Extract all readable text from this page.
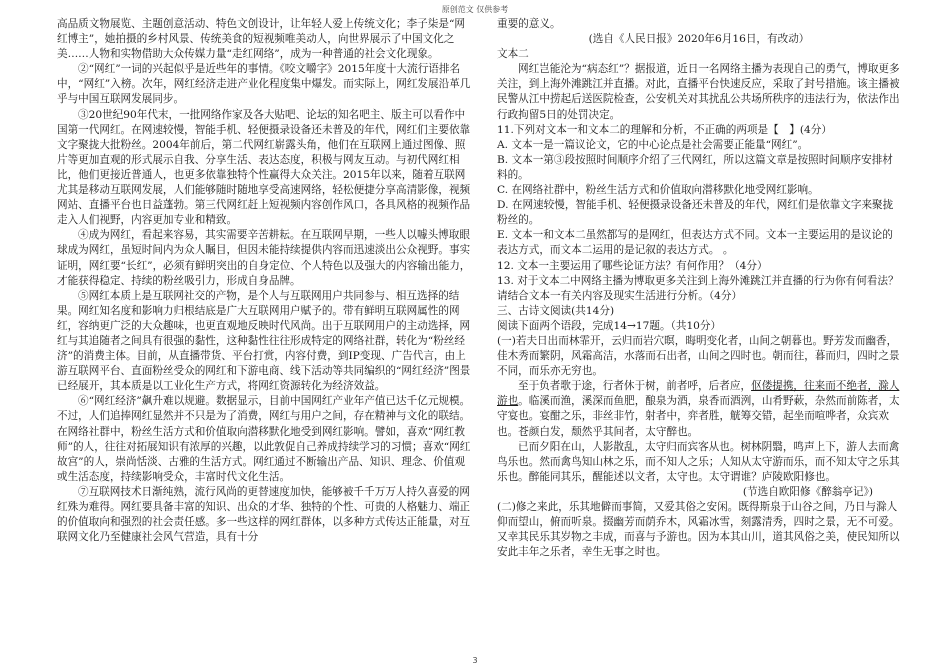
原创范文 仅供参考

高品质文物展览、主题创意活动、特色文创设计，让年轻人爱上传统文化；李子柒是“网红博主”，她拍摄的乡村风景、传统美食的短视频唯美动人，向世界展示了中国文化之美……人物和实物借助大众传媒力量“走红网络”，成为一种普通的社会文化现象。

②“网红”一词的兴起似乎是近些年的事情。《咬文嚼字》2015年度十大流行语排名中，“网红”入榜。次年，网红经济走进产业化程度集中爆发。而实际上，网红发展沿革几乎与中国互联网发展同步。

③20世纪90年代末，一批网络作家及各大贴吧、论坛的知名吧主、版主可以看作中国第一代网红。在网速较慢，智能手机、轻便摄录设备还未普及的年代，网红们主要依靠文字聚拢大批粉丝。2004年前后，第二代网红崭露头角，他们在互联网上通过图像、照片等更加直观的形式展示自我、分享生活、表达态度，积极与网友互动。与初代网红相比，他们更接近普通人，也更多依靠独特个性赢得大众关注。2015年以来，随着互联网尤其是移动互联网发展，人们能够随时随地享受高速网络，轻松便捷分享高清影像，视频网站、直播平台也日益蓬勃。第三代网红赶上短视频内容创作风口，各具风格的视频作品走入人们视野，内容更加专业和精致。

④成为网红，看起来容易，其实需要辛苦耕耘。在互联网早期，一些人以噱头博取眼球成为网红，虽短时间内为众人瞩目，但因未能持续提供内容而迅速淡出公众视野。事实证明，网红要“长红”，必须有鲜明突出的自身定位、个人特色以及强大的内容输出能力，才能获得稳定、持续的粉丝吸引力，形成自身品牌。

⑤网红本质上是互联网社交的产物，是个人与互联网用户共同参与、相互选择的结果。网红知名度和影响力归根结底是广大互联网用户赋予的。带有鲜明互联网属性的网红，容纳更广泛的大众趣味，也更直观地反映时代风尚。出于互联网用户的主动选择，网红与其追随者之间具有很强的黏性，这种黏性往往形成特定的网络社群，转化为“粉丝经济”的消费主体。目前，从直播带货、平台打赏，内容付费，到IP变现、广告代言，由上游互联网平台、直面粉丝受众的网红和下游电商、线下活动等共同编织的“网红经济”图景已经展开，其本质是以工业化生产方式，将网红资源转化为经济效益。

⑥“网红经济”飙升难以规避。数据显示，目前中国网红产业年产值已达千亿元规模。不过，人们追捧网红显然并不只是为了消费，网红与用户之间，存在精神与文化的联结。在网络社群中，粉丝生活方式和价值取向潜移默化地受到网红影响。譬如，喜欢“网红教师”的人，往往对拓展知识有浓厚的兴趣，以此敦促自己养成持续学习的习惯；喜欢“网红故宫”的人，崇尚恬淡、古雅的生活方式。网红通过不断输出产品、知识、理念、价值观或生活态度，持续影响受众，丰富时代文化生活。

⑦互联网技术日渐纯熟，流行风尚的更替速度加快，能够被千千万万人持久喜爱的网红殊为难得。网红要具备丰富的知识、出众的才华、独特的个性、可贵的人格魅力、端正的价值取向和强烈的社会责任感。多一些这样的网红群体，以多种方式传达正能量，对互联网文化乃至健康社会风气营造，具有十分

重要的意义。

(选自《人民日报》2020年6月16日，有改动）

文本二

网红岂能沦为“病态红”？据报道，近日一名网络主播为表现自己的勇气，博取更多关注，到上海外滩跳江并直播。对此，直播平台快速反应，采取了封号措施。该主播被民警从江中捞起后送医院检查，公安机关对其扰乱公共场所秩序的违法行为，依法作出行政拘留5日的处罚决定。

11.下列对文本一和文本二的理解和分析，不正确的两项是【　】(4分）

A. 文本一是一篇议论文，它的中心论点是社会需要正能量“网红”。

B. 文本一第③段按照时间顺序介绍了三代网红，所以这篇文章是按照时间顺序安排材料的。

C. 在网络社群中，粉丝生活方式和价值取向潜移默化地受网红影响。

D. 在网速较慢，智能手机、轻便摄录设备还未普及的年代，网红们是依靠文字来聚拢粉丝的。

E. 文本一和文本二虽然都写的是网红，但表达方式不同。文本一主要运用的是议论的表达方式，而文本二运用的是记叙的表达方式。 。

12. 文本一主要运用了哪些论证方法？有何作用？（4分）

13. 对于文本二中网络主播为博取更多关注到上海外滩跳江并直播的行为你有何看法？请结合文本一有关内容及现实生活进行分析。（4分）

三、古诗文阅读(共14分)

阅读下面两个语段，完成14→17题。（共10分）

(一)若夫日出而林霏开，云归而岩穴暝，晦明变化者，山间之朝暮也。野芳发而幽香，佳木秀而繁阴，风霜高洁，水落而石出者，山间之四时也。朝而往，暮而归，四时之景不同，而乐亦无穷也。

至于负者歌于途，行者休于树，前者呼，后者应，伛偻提携，往来而不绝者，滁人游也。临溪而渔，溪深而鱼肥，酿泉为酒，泉香而酒洌，山肴野蔌，杂然而前陈者，太守宴也。宴酣之乐，非丝非竹，射者中，弈者胜，觥筹交错，起坐而喧哗者，众宾欢也。苍颜白发，颓然乎其间者，太守醉也。

已而夕阳在山，人影散乱，太守归而宾客从也。树林阴翳，鸣声上下，游人去而禽鸟乐也。然而禽鸟知山林之乐，而不知人之乐；人知从太守游而乐，而不知太守之乐其乐也。醉能同其乐，醒能述以文者，太守也。太守谓谁？庐陵欧阳修也。

(节选自欧阳修《醉翁亭记》)

(二)修之来此，乐其地僻而事简，又爱其俗之安闲。既得斯泉于山谷之间，乃日与滁人仰而望山，俯而听泉。掇幽芳而荫乔木，风霜冰雪，刻露清秀，四时之景，无不可爱。又幸其民乐其岁物之丰成，而喜与予游也。因为本其山川，道其风俗之美，使民知所以安此丰年之乐者，幸生无事之时也。

3
